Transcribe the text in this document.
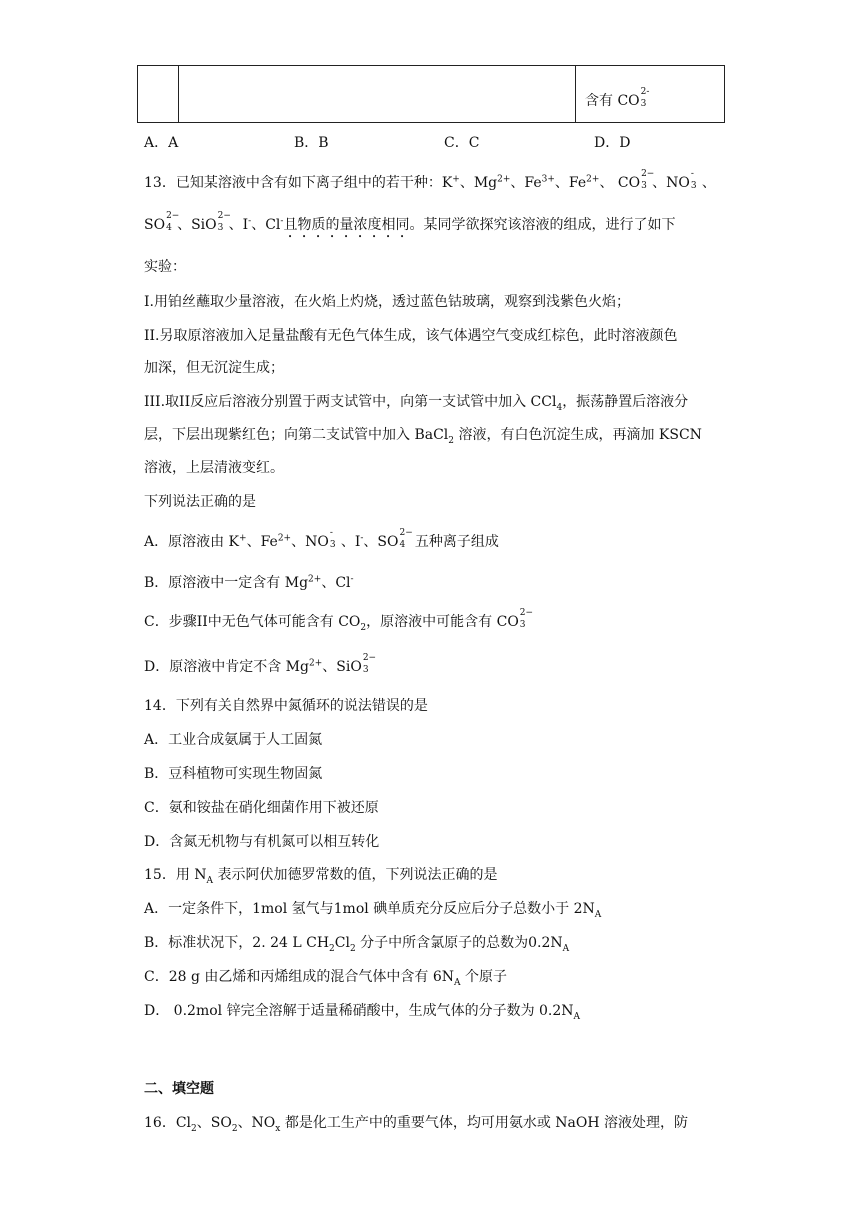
含有 CO
2-
3
A．A	B．B	C．C	D．D
13．已知某溶液中含有如下离子组中的若干种：K+、$Mg^{2+}$、$Fe^{3+}$、$Fe^{2+}$、 CO
2−
3 、NO
-
3 、
SO
2−
4 、SiO
2−
3 、I-、Cl-且物质的量浓度相同。某同学欲探究该溶液的组成，进行了如下
实验：
I.用铂丝蘸取少量溶液，在火焰上灼烧，透过蓝色钴玻璃，观察到浅紫色火焰；
II.另取原溶液加入足量盐酸有无色气体生成，该气体遇空气变成红棕色，此时溶液颜色
加深，但无沉淀生成；
III.取II反应后溶液分别置于两支试管中，向第一支试管中加入 CCl$_4$，振荡静置后溶液分
层，下层出现紫红色；向第二支试管中加入 BaCl$_2$ 溶液，有白色沉淀生成，再滴加 KSCN
溶液，上层清液变红。
下列说法正确的是
A．原溶液由 K+、$Fe^{2+}$、NO
-
3 、I-、SO
2−
4 五种离子组成
B．原溶液中一定含有 $Mg^{2+}$、Cl-
C．步骤II中无色气体可能含有 $CO_2$，原溶液中可能含有 CO
2−
3
D．原溶液中肯定不含 $Mg^{2+}$、SiO
2−
3
14．下列有关自然界中氮循环的说法错误的是
A．工业合成氨属于人工固氮
B．豆科植物可实现生物固氮
C．氨和铵盐在硝化细菌作用下被还原
D．含氮无机物与有机氮可以相互转化
15．用 $N_A$ 表示阿伏加德罗常数的值，下列说法正确的是
A．一定条件下，1mol 氢气与1mol 碘单质充分反应后分子总数小于 $2N_A$
B．标准状况下，2. 24 L $CH_2Cl_2$ 分子中所含氯原子的总数为$0.2N_A$
C．28 g 由乙烯和丙烯组成的混合气体中含有 $6N_A$ 个原子
D． 0.2mol 锌完全溶解于适量稀硝酸中，生成气体的分子数为 $0.2N_A$
二、填空题
16．$Cl_2$、$SO_2$、$NO_x$ 都是化工生产中的重要气体，均可用氨水或 NaOH 溶液处理，防
